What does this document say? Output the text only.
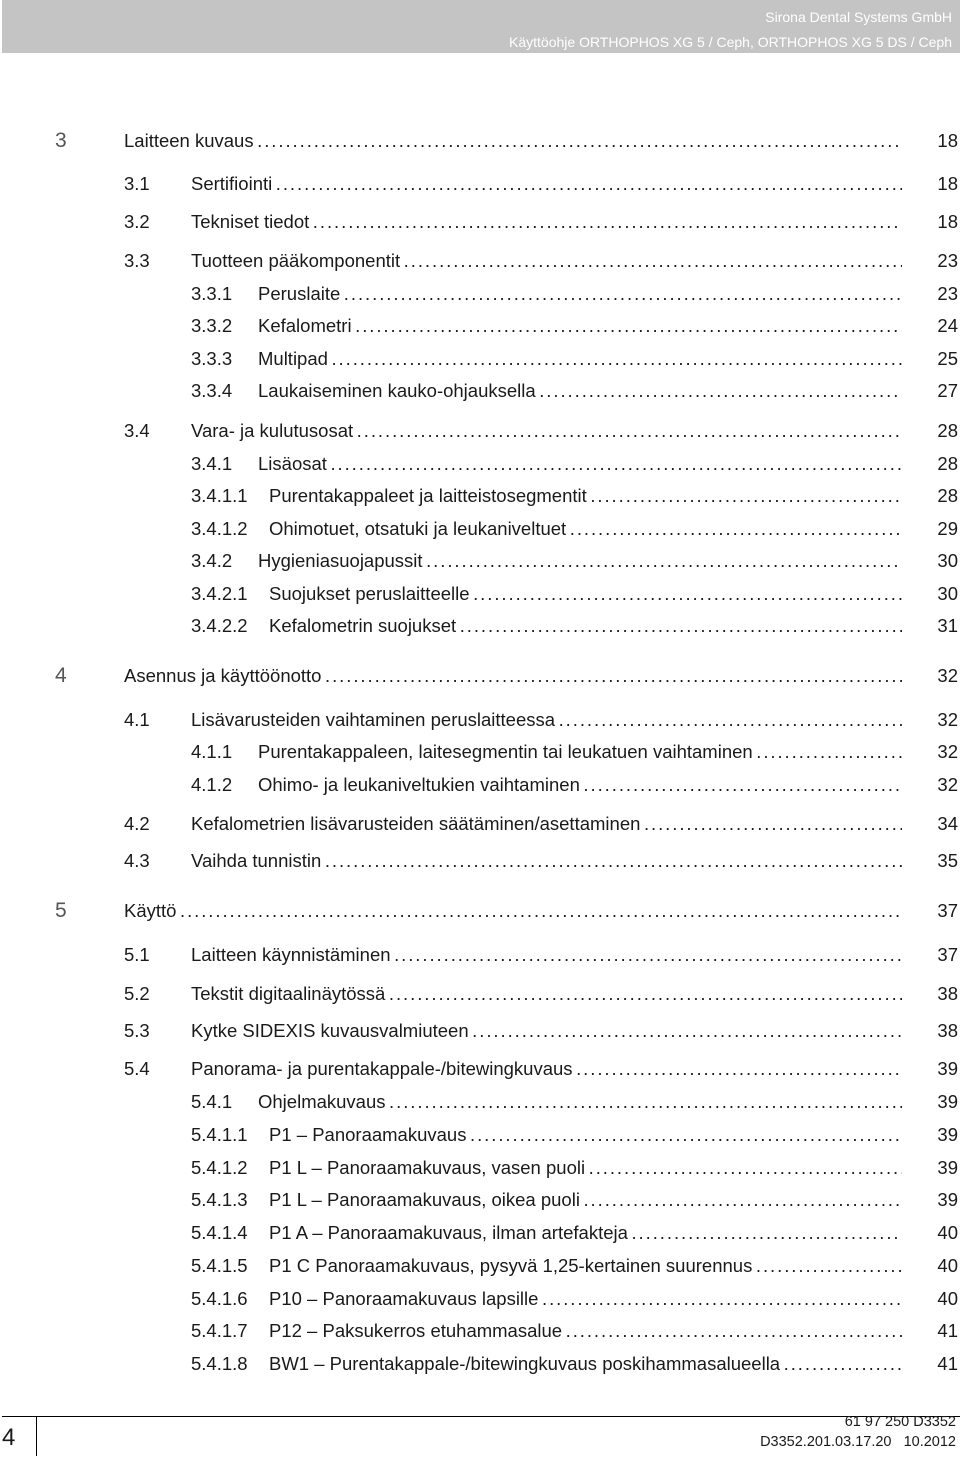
Sirona Dental Systems GmbH
Käyttöohje ORTHOPHOS XG 5 / Ceph, ORTHOPHOS XG 5 DS / Ceph
3	Laitteen kuvaus . . .	18
3.1 Sertifiointi . . .	18
3.2 Tekniset tiedot . . .	18
3.3 Tuotteen pääkomponentit . . .	23
3.3.1 Peruslaite . . .	23
3.3.2 Kefalometri . . .	24
3.3.3 Multipad . . .	25
3.3.4 Laukaiseminen kauko-ohjauksella . . .	27
3.4 Vara- ja kulutusosat . . .	28
3.4.1 Lisäosat . . .	28
3.4.1.1 Purentakappaleet ja laitteistosegmentit . . .	28
3.4.1.2 Ohimotuet, otsatuki ja leukaniveltuet . . .	29
3.4.2 Hygieniasuojapussit . . .	30
3.4.2.1 Suojukset peruslaitteelle . . .	30
3.4.2.2 Kefalometrin suojukset . . .	31
4	Asennus ja käyttöönotto . . .	32
4.1 Lisävarusteiden vaihtaminen peruslaitteessa . . .	32
4.1.1 Purentakappaleen, laitesegmentin tai leukatuen vaihtaminen . . .	32
4.1.2 Ohimo- ja leukaniveltukien vaihtaminen . . .	32
4.2 Kefalometrien lisävarusteiden säätäminen/asettaminen . . .	34
4.3 Vaihda tunnistin . . .	35
5	Käyttö . . .	37
5.1 Laitteen käynnistäminen . . .	37
5.2 Tekstit digitaalinäytössä . . .	38
5.3 Kytke SIDEXIS kuvausvalmiuteen . . .	38
5.4 Panorama- ja purentakappale-/bitewingkuvaus . . .	39
5.4.1 Ohjelmakuvaus . . .	39
5.4.1.1 P1 – Panoraamakuvaus . . .	39
5.4.1.2 P1 L – Panoraamakuvaus, vasen puoli . . .	39
5.4.1.3 P1 L – Panoraamakuvaus, oikea puoli . . .	39
5.4.1.4 P1 A – Panoraamakuvaus, ilman artefakteja . . .	40
5.4.1.5 P1 C Panoraamakuvaus, pysyvä 1,25-kertainen suurennus . . .	40
5.4.1.6 P10 – Panoraamakuvaus lapsille . . .	40
5.4.1.7 P12 – Paksukerros etuhammasalue . . .	41
5.4.1.8 BW1 – Purentakappale-/bitewingkuvaus poskihammasalueella . . .	41
4
61 97 250 D3352
D3352.201.03.17.20 10.2012
